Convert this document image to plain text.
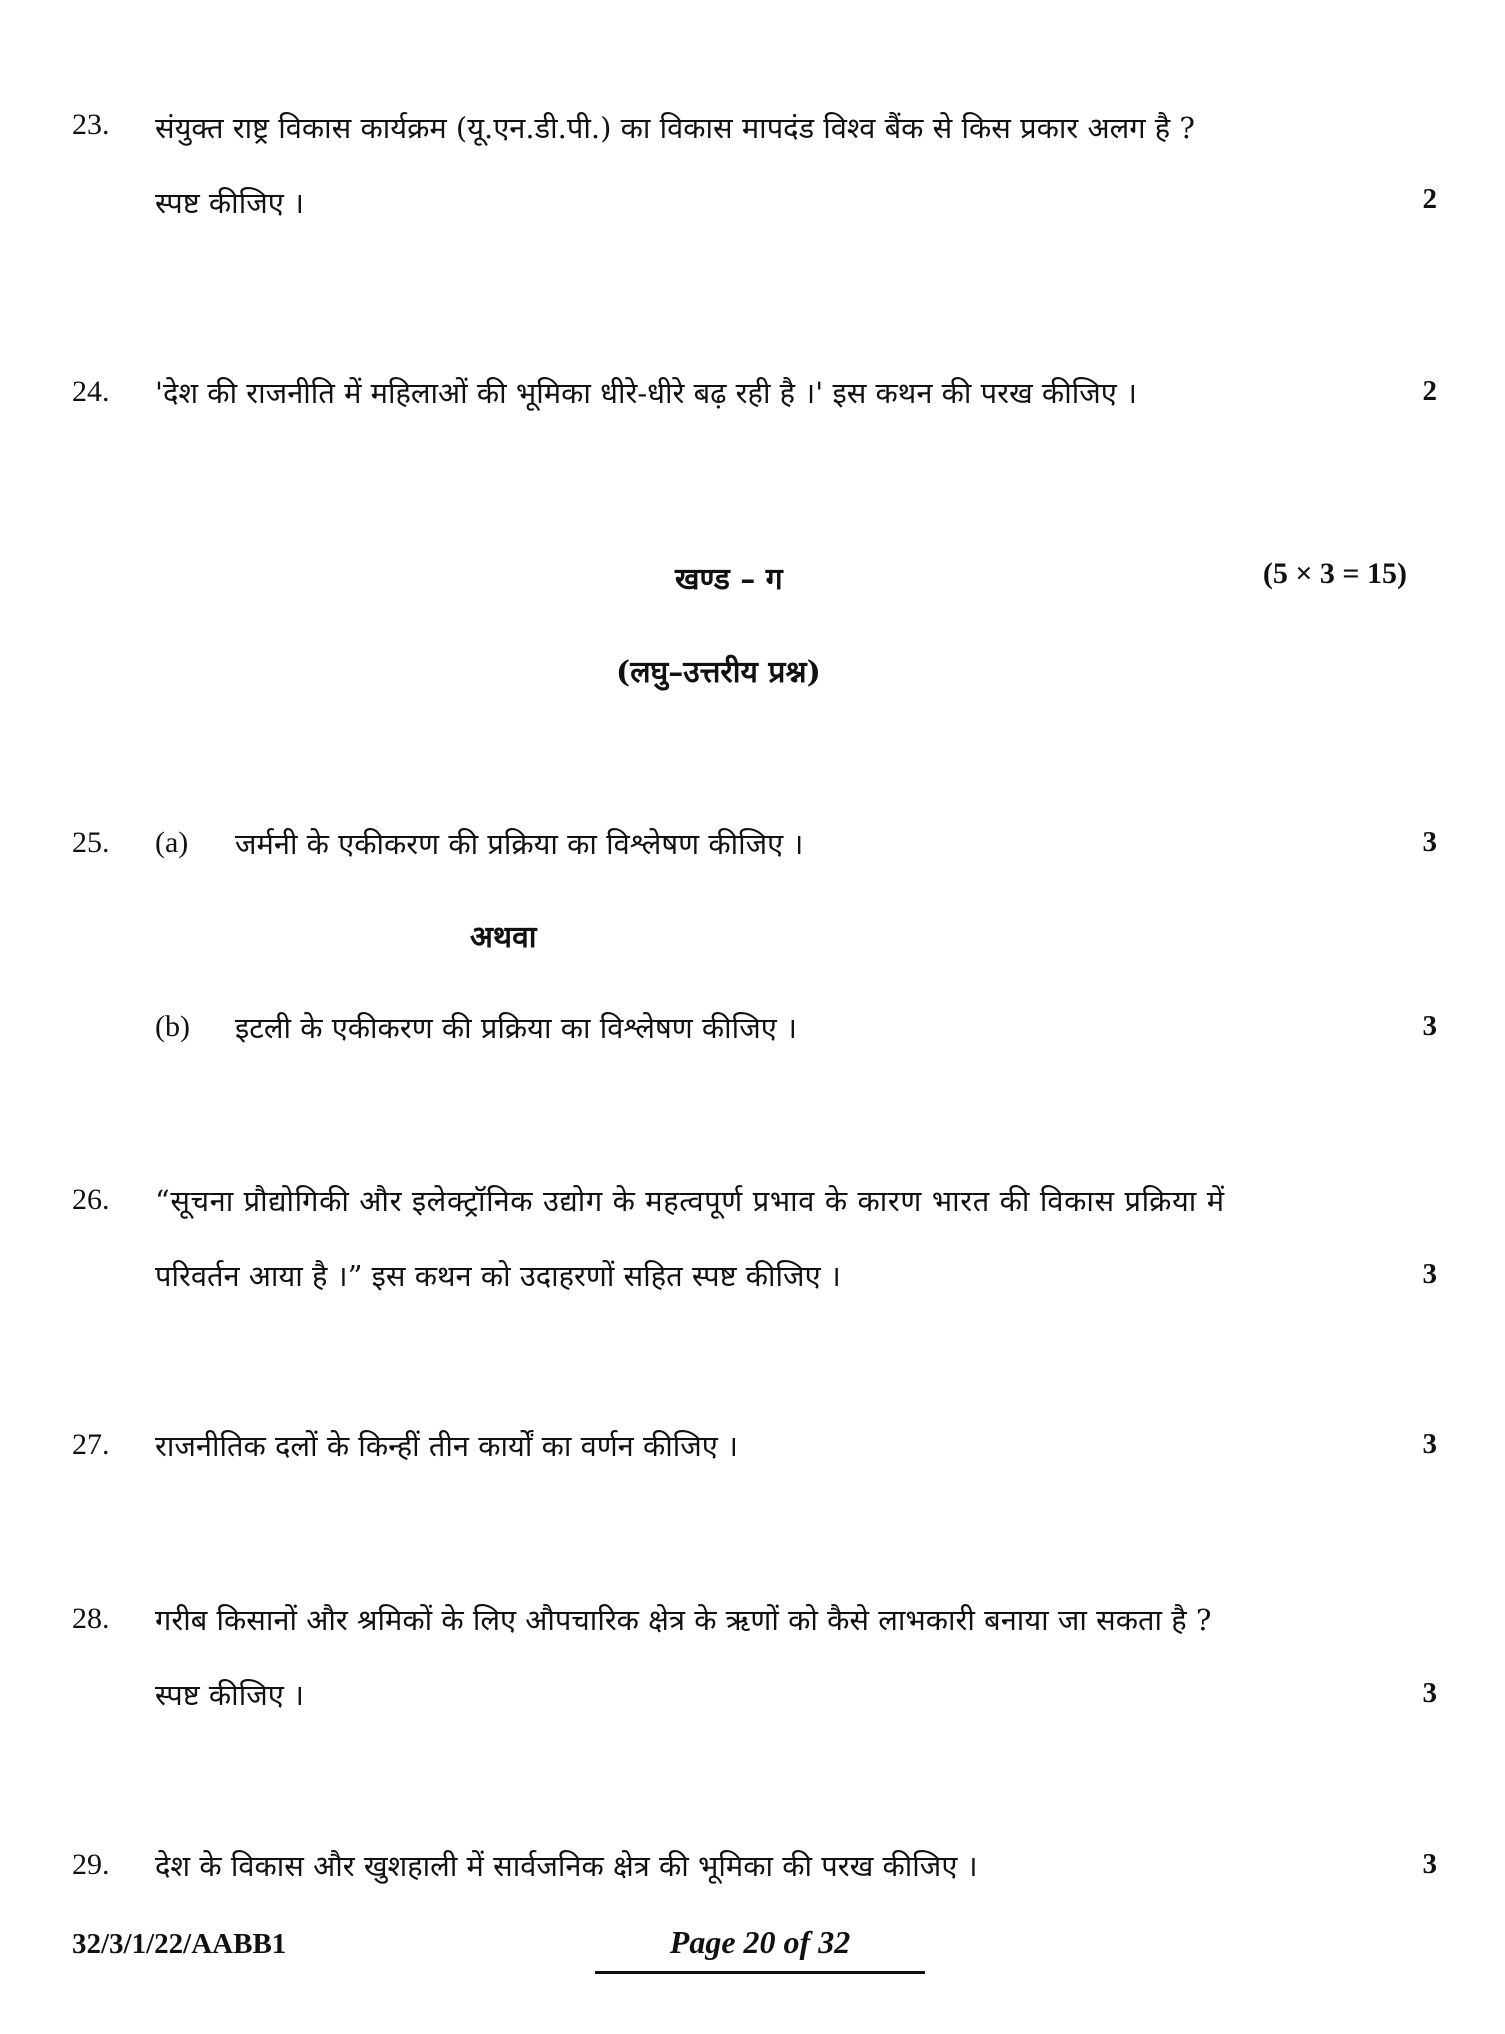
23. संयुक्त राष्ट्र विकास कार्यक्रम (यू.एन.डी.पी.) का विकास मापदंड विश्व बैंक से किस प्रकार अलग है ?
स्पष्ट कीजिए ।	2
24. 'देश की राजनीति में महिलाओं की भूमिका धीरे-धीरे बढ़ रही है ।' इस कथन की परख कीजिए ।	2
खण्ड – ग	(5 × 3 = 15)
(लघु–उत्तरीय प्रश्न)
25. (a) जर्मनी के एकीकरण की प्रक्रिया का विश्लेषण कीजिए ।	3
अथवा
(b) इटली के एकीकरण की प्रक्रिया का विश्लेषण कीजिए ।	3
26. “सूचना प्रौद्योगिकी और इलेक्ट्रॉनिक उद्योग के महत्वपूर्ण प्रभाव के कारण भारत की विकास प्रक्रिया में
परिवर्तन आया है ।” इस कथन को उदाहरणों सहित स्पष्ट कीजिए ।	3
27. राजनीतिक दलों के किन्हीं तीन कार्यों का वर्णन कीजिए ।	3
28. गरीब किसानों और श्रमिकों के लिए औपचारिक क्षेत्र के ऋणों को कैसे लाभकारी बनाया जा सकता है ?
स्पष्ट कीजिए ।	3
29. देश के विकास और खुशहाली में सार्वजनिक क्षेत्र की भूमिका की परख कीजिए ।	3
32/3/1/22/AABB1	Page 20 of 32
